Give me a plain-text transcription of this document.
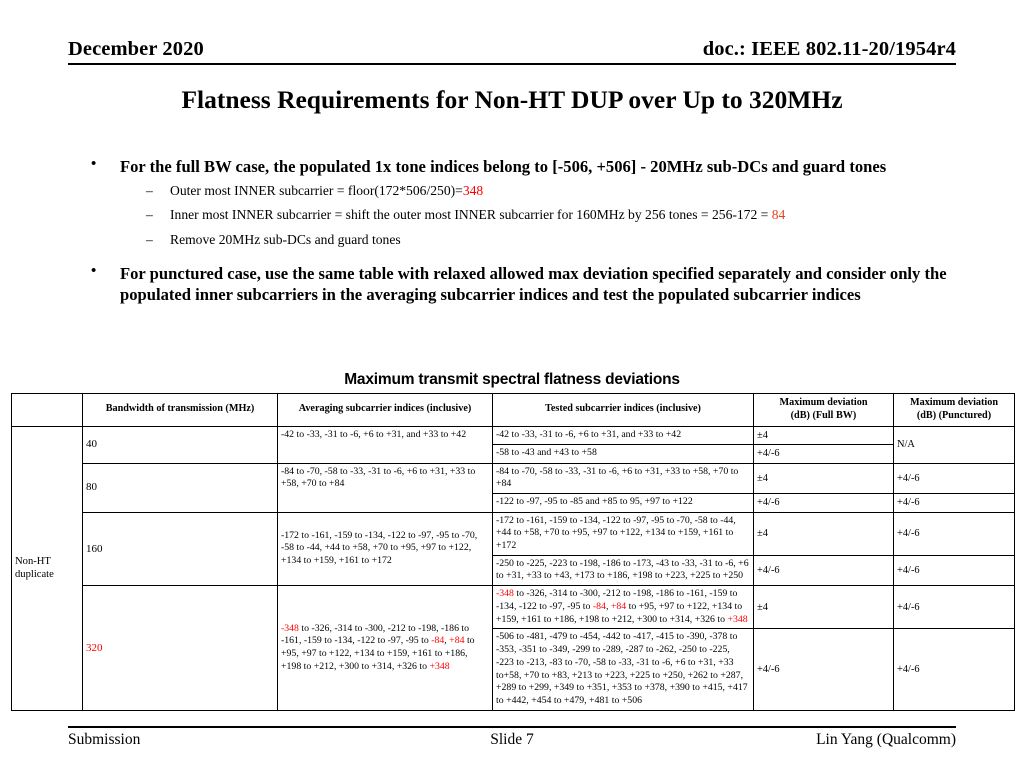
December 2020	doc.: IEEE 802.11-20/1954r4
Flatness Requirements for Non-HT DUP over Up to 320MHz
• For the full BW case, the populated 1x tone indices belong to [-506, +506] - 20MHz sub-DCs and guard tones
– Outer most INNER subcarrier = floor(172*506/250)=348
– Inner most INNER subcarrier = shift the outer most INNER subcarrier for 160MHz by 256 tones = 256-172 = 84
– Remove 20MHz sub-DCs and guard tones
• For punctured case, use the same table with relaxed allowed max deviation specified separately and consider only the populated inner subcarriers in the averaging subcarrier indices and test the populated subcarrier indices
Maximum transmit spectral flatness deviations
	Bandwidth of transmission (MHz)	Averaging subcarrier indices (inclusive)	Tested subcarrier indices (inclusive)	Maximum deviation
(dB) (Full BW)	Maximum deviation
(dB) (Punctured)
Non-HT
duplicate	40	-42 to -33, -31 to -6, +6 to +31, and +33 to +42	-42 to -33, -31 to -6, +6 to +31, and +33 to +42	±4	N/A
			-58 to -43 and +43 to +58	+4/-6	
	80	-84 to -70, -58 to -33, -31 to -6, +6 to +31, +33 to +58, +70 to +84	-84 to -70, -58 to -33, -31 to -6, +6 to +31, +33 to +58, +70 to +84	±4	+4/-6
			-122 to -97, -95 to -85 and +85 to 95, +97 to +122	+4/-6	+4/-6
	160	-172 to -161, -159 to -134, -122 to -97, -95 to -70, -58 to -44, +44 to +58, +70 to +95, +97 to +122, +134 to +159, +161 to +172	-172 to -161, -159 to -134, -122 to -97, -95 to -70, -58 to -44, +44 to +58, +70 to +95, +97 to +122, +134 to +159, +161 to +172	±4	+4/-6
			-250 to -225, -223 to -198, -186 to -173, -43 to -33, -31 to -6, +6 to +31, +33 to +43, +173 to +186, +198 to +223, +225 to +250	+4/-6	+4/-6
	320	-348 to -326, -314 to -300, -212 to -198, -186 to -161, -159 to -134, -122 to -97, -95 to -84, +84 to +95, +97 to +122, +134 to +159, +161 to +186, +198 to +212, +300 to +314, +326 to +348	-348 to -326, -314 to -300, -212 to -198, -186 to -161, -159 to -134, -122 to -97, -95 to -84, +84 to +95, +97 to +122, +134 to +159, +161 to +186, +198 to +212, +300 to +314, +326 to +348	±4	+4/-6
			-506 to -481, -479 to -454, -442 to -417, -415 to -390, -378 to -353, -351 to -349, -299 to -289, -287 to -262, -250 to -225, -223 to -213, -83 to -70, -58 to -33, -31 to -6, +6 to +31, +33 to+58, +70 to +83, +213 to +223, +225 to +250, +262 to +287, +289 to +299, +349 to +351, +353 to +378, +390 to +415, +417 to +442, +454 to +479, +481 to +506	+4/-6	+4/-6
Submission	Slide 7	Lin Yang (Qualcomm)
